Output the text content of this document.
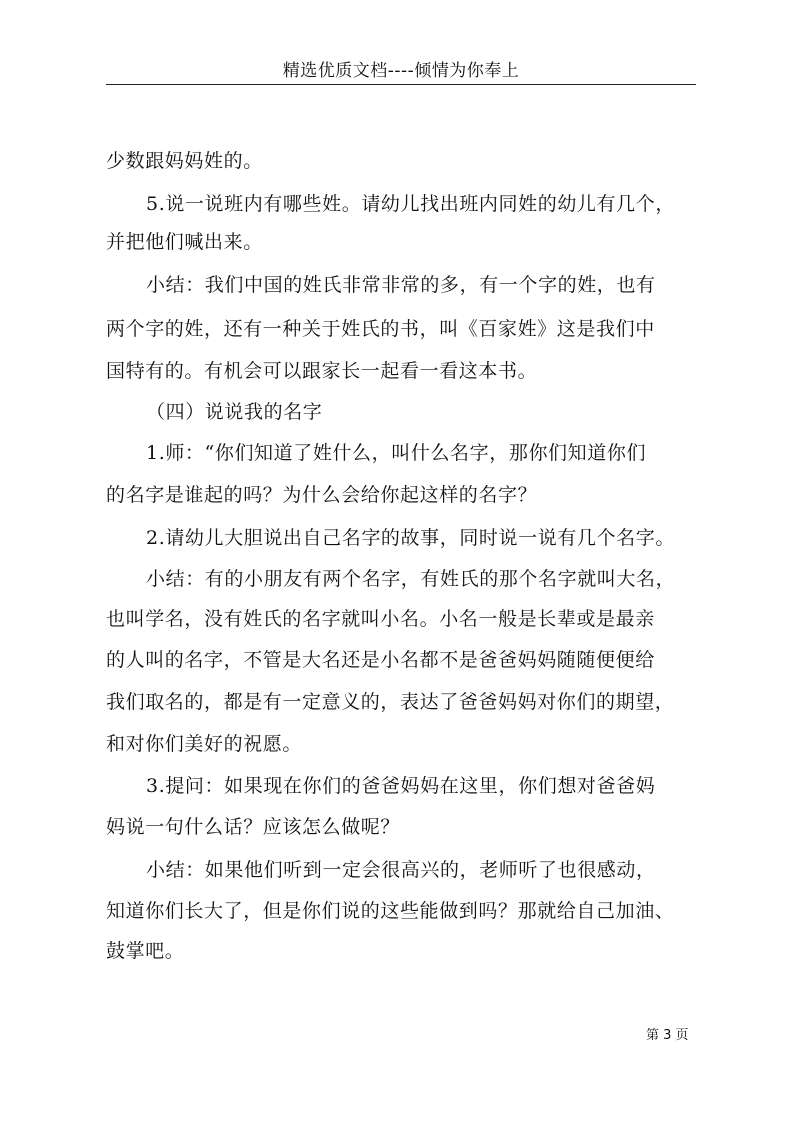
精选优质文档----倾情为你奉上
少数跟妈妈姓的。
5.说一说班内有哪些姓。请幼儿找出班内同姓的幼儿有几个，
并把他们喊出来。
小结：我们中国的姓氏非常非常的多，有一个字的姓，也有
两个字的姓，还有一种关于姓氏的书，叫《百家姓》这是我们中
国特有的。有机会可以跟家长一起看一看这本书。
（四）说说我的名字
1.师：“你们知道了姓什么，叫什么名字，那你们知道你们
的名字是谁起的吗？为什么会给你起这样的名字？
2.请幼儿大胆说出自己名字的故事，同时说一说有几个名字。
小结：有的小朋友有两个名字，有姓氏的那个名字就叫大名，
也叫学名，没有姓氏的名字就叫小名。小名一般是长辈或是最亲
的人叫的名字，不管是大名还是小名都不是爸爸妈妈随随便便给
我们取名的，都是有一定意义的，表达了爸爸妈妈对你们的期望，
和对你们美好的祝愿。
3.提问：如果现在你们的爸爸妈妈在这里，你们想对爸爸妈
妈说一句什么话？应该怎么做呢？
小结：如果他们听到一定会很高兴的，老师听了也很感动，
知道你们长大了，但是你们说的这些能做到吗？那就给自己加油、
鼓掌吧。
第 3 页
